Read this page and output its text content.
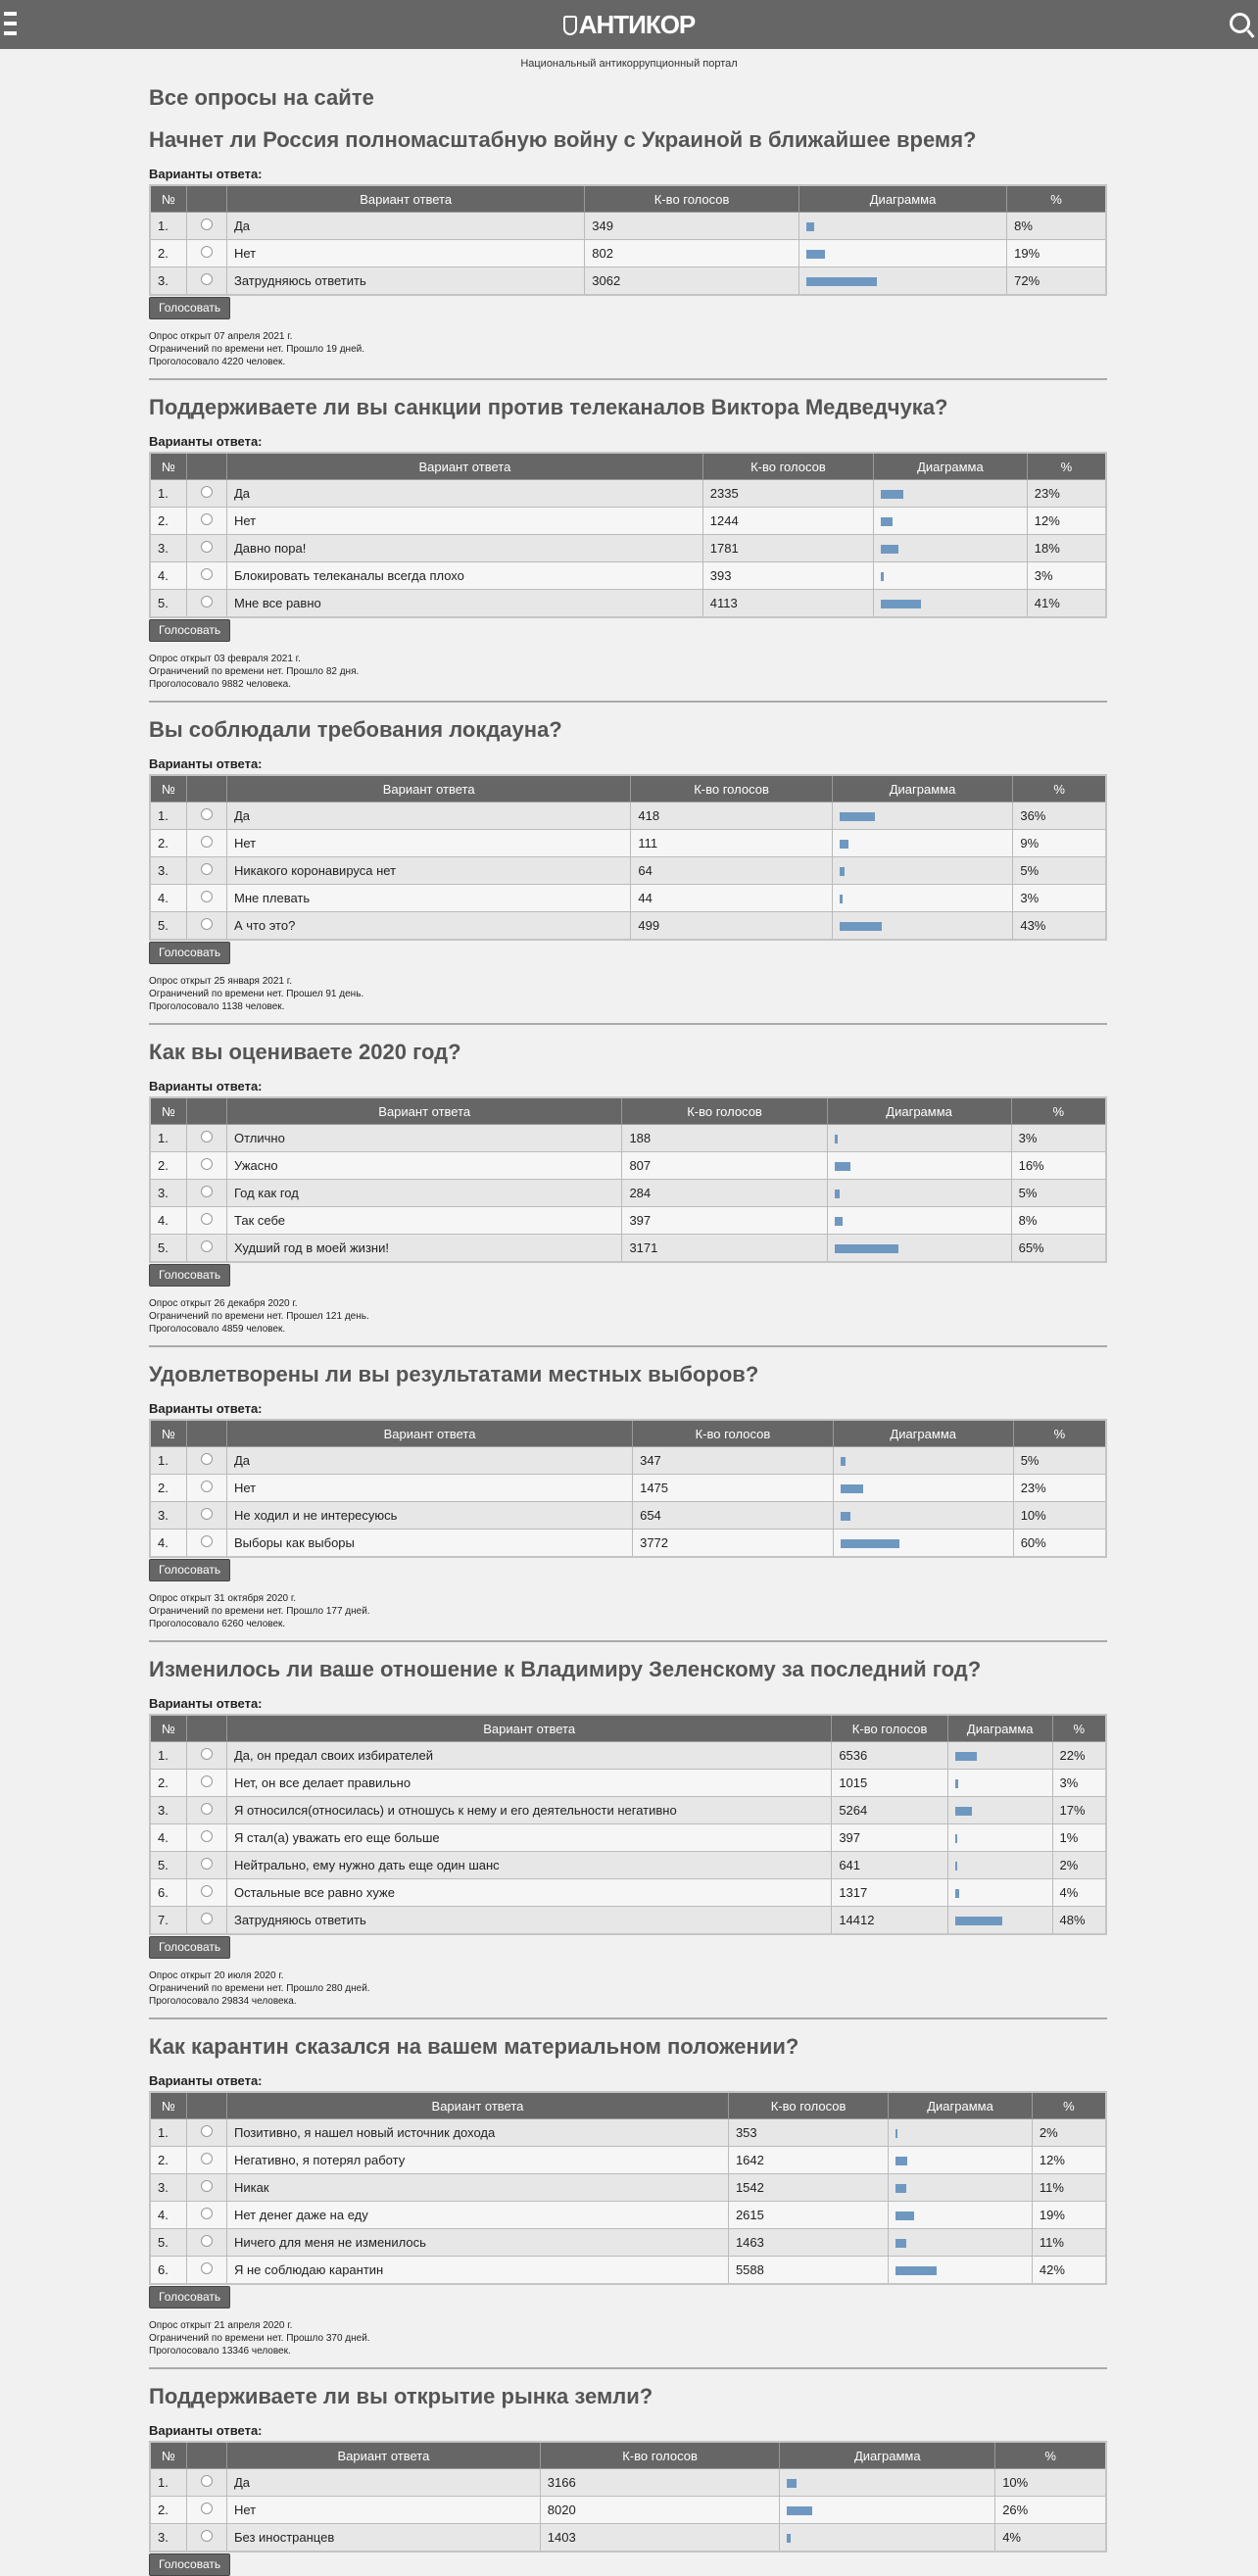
АНТИКОР
Национальный антикоррупционный портал
Все опросы на сайте
Начнет ли Россия полномасштабную войну с Украиной в ближайшее время?
Варианты ответа:
№		Вариант ответа	К-во голосов	Диаграмма	%
1.		Да	349		8%
2.		Нет	802		19%
3.		Затрудняюсь ответить	3062		72%
Голосовать
Опрос открыт 07 апреля 2021 г.
Ограничений по времени нет. Прошло 19 дней.
Проголосовало 4220 человек.
Поддерживаете ли вы санкции против телеканалов Виктора Медведчука?
Варианты ответа:
№		Вариант ответа	К-во голосов	Диаграмма	%
1.		Да	2335		23%
2.		Нет	1244		12%
3.		Давно пора!	1781		18%
4.		Блокировать телеканалы всегда плохо	393		3%
5.		Мне все равно	4113		41%
Голосовать
Опрос открыт 03 февраля 2021 г.
Ограничений по времени нет. Прошло 82 дня.
Проголосовало 9882 человека.
Вы соблюдали требования локдауна?
Варианты ответа:
№		Вариант ответа	К-во голосов	Диаграмма	%
1.		Да	418		36%
2.		Нет	111		9%
3.		Никакого коронавируса нет	64		5%
4.		Мне плевать	44		3%
5.		А что это?	499		43%
Голосовать
Опрос открыт 25 января 2021 г.
Ограничений по времени нет. Прошел 91 день.
Проголосовало 1138 человек.
Как вы оцениваете 2020 год?
Варианты ответа:
№		Вариант ответа	К-во голосов	Диаграмма	%
1.		Отлично	188		3%
2.		Ужасно	807		16%
3.		Год как год	284		5%
4.		Так себе	397		8%
5.		Худший год в моей жизни!	3171		65%
Голосовать
Опрос открыт 26 декабря 2020 г.
Ограничений по времени нет. Прошел 121 день.
Проголосовало 4859 человек.
Удовлетворены ли вы результатами местных выборов?
Варианты ответа:
№		Вариант ответа	К-во голосов	Диаграмма	%
1.		Да	347		5%
2.		Нет	1475		23%
3.		Не ходил и не интересуюсь	654		10%
4.		Выборы как выборы	3772		60%
Голосовать
Опрос открыт 31 октября 2020 г.
Ограничений по времени нет. Прошло 177 дней.
Проголосовало 6260 человек.
Изменилось ли ваше отношение к Владимиру Зеленскому за последний год?
Варианты ответа:
№		Вариант ответа	К-во голосов	Диаграмма	%
1.		Да, он предал своих избирателей	6536		22%
2.		Нет, он все делает правильно	1015		3%
3.		Я относился(относилась) и отношусь к нему и его деятельности негативно	5264		17%
4.		Я стал(а) уважать его еще больше	397		1%
5.		Нейтрально, ему нужно дать еще один шанс	641		2%
6.		Остальные все равно хуже	1317		4%
7.		Затрудняюсь ответить	14412		48%
Голосовать
Опрос открыт 20 июля 2020 г.
Ограничений по времени нет. Прошло 280 дней.
Проголосовало 29834 человека.
Как карантин сказался на вашем материальном положении?
Варианты ответа:
№		Вариант ответа	К-во голосов	Диаграмма	%
1.		Позитивно, я нашел новый источник дохода	353		2%
2.		Негативно, я потерял работу	1642		12%
3.		Никак	1542		11%
4.		Нет денег даже на еду	2615		19%
5.		Ничего для меня не изменилось	1463		11%
6.		Я не соблюдаю карантин	5588		42%
Голосовать
Опрос открыт 21 апреля 2020 г.
Ограничений по времени нет. Прошло 370 дней.
Проголосовало 13346 человек.
Поддерживаете ли вы открытие рынка земли?
Варианты ответа:
№		Вариант ответа	К-во голосов	Диаграмма	%
1.		Да	3166		10%
2.		Нет	8020		26%
3.		Без иностранцев	1403		4%
Голосовать
